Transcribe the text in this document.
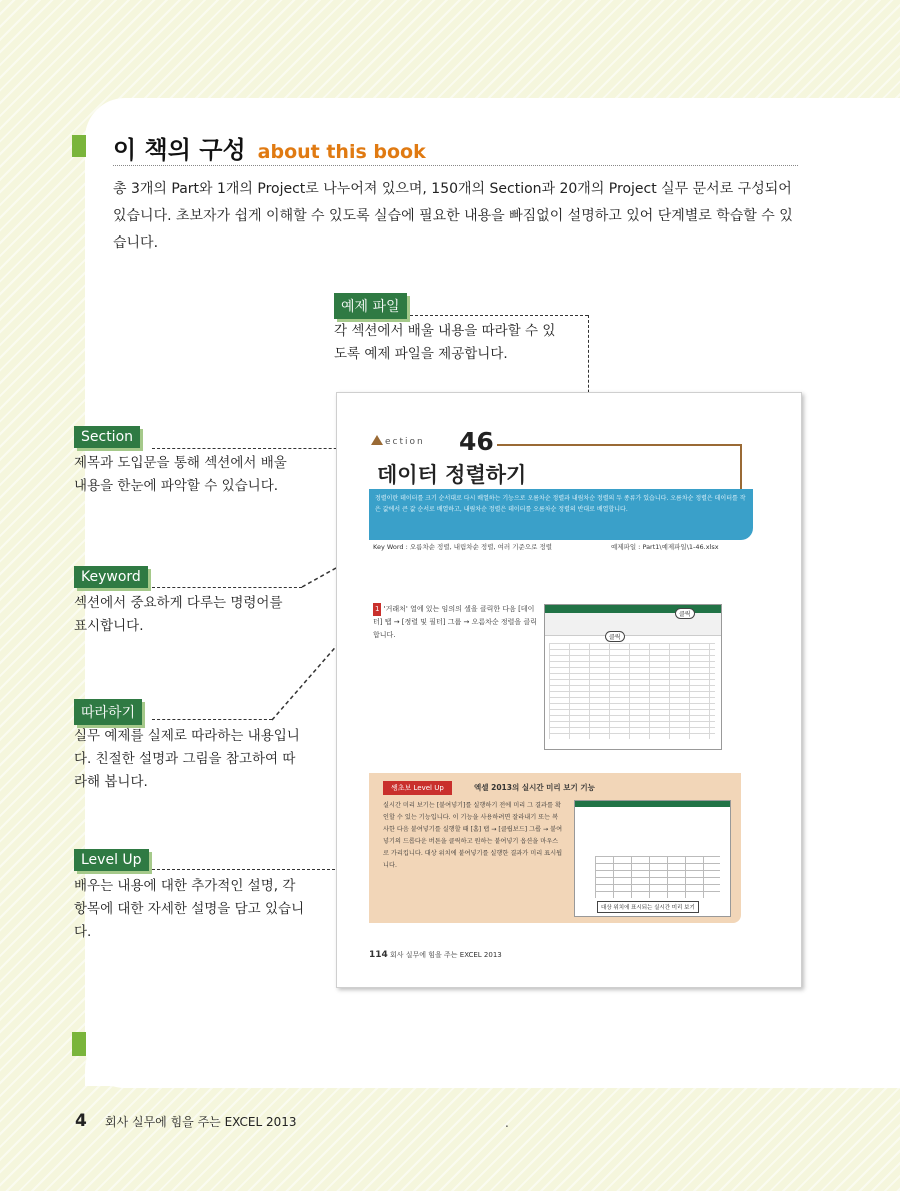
이 책의 구성 about this book
총 3개의 Part와 1개의 Project로 나누어져 있으며, 150개의 Section과 20개의 Project 실무 문서로 구성되어 있습니다. 초보자가 쉽게 이해할 수 있도록 실습에 필요한 내용을 빠짐없이 설명하고 있어 단계별로 학습할 수 있습니다.
예제 파일
각 섹션에서 배울 내용을 따라할 수 있도록 예제 파일을 제공합니다.
Section
제목과 도입문을 통해 섹션에서 배울 내용을 한눈에 파악할 수 있습니다.
Keyword
섹션에서 중요하게 다루는 명령어를 표시합니다.
따라하기
실무 예제를 실제로 따라하는 내용입니다. 친절한 설명과 그림을 참고하여 따라해 봅니다.
Level Up
배우는 내용에 대한 추가적인 설명, 각 항목에 대한 자세한 설명을 담고 있습니다.
ection 46
데이터 정렬하기
정렬이란 데이터를 크기 순서대로 다시 배열하는 기능으로 오름차순 정렬과 내림차순 정렬의 두 종류가 있습니다. 오름차순 정렬은 데이터를 작은 값에서 큰 값 순서로 배열하고, 내림차순 정렬은 데이터를 오름차순 정렬의 반대로 배열합니다.
Key Word : 오름차순 정렬, 내림차순 정렬, 여러 기준으로 정렬	예제파일 : Part1\예제파일\1-46.xlsx
1 '거래처' 열에 있는 임의의 셀을 클릭한 다음 [데이터] 탭 → [정렬 및 필터] 그룹 → 오름차순 정렬을 클릭합니다.
클릭
클릭
쌩초보 Level Up	엑셀 2013의 실시간 미리 보기 기능
실시간 미리 보기는 [붙여넣기]를 실행하기 전에 미리 그 결과를 확인할 수 있는 기능입니다. 이 기능을 사용하려면 잘라내기 또는 복사한 다음 붙여넣기를 실행할 때 [홈] 탭 → [클립보드] 그룹 → 붙여넣기의 드롭다운 버튼을 클릭하고 원하는 붙여넣기 옵션을 마우스로 가리킵니다. 대상 위치에 붙여넣기를 실행한 결과가 미리 표시됩니다.
대상 위치에 표시되는 실시간 미리 보기
114 회사 실무에 힘을 주는 EXCEL 2013
4 회사 실무에 힘을 주는 EXCEL 2013	.
